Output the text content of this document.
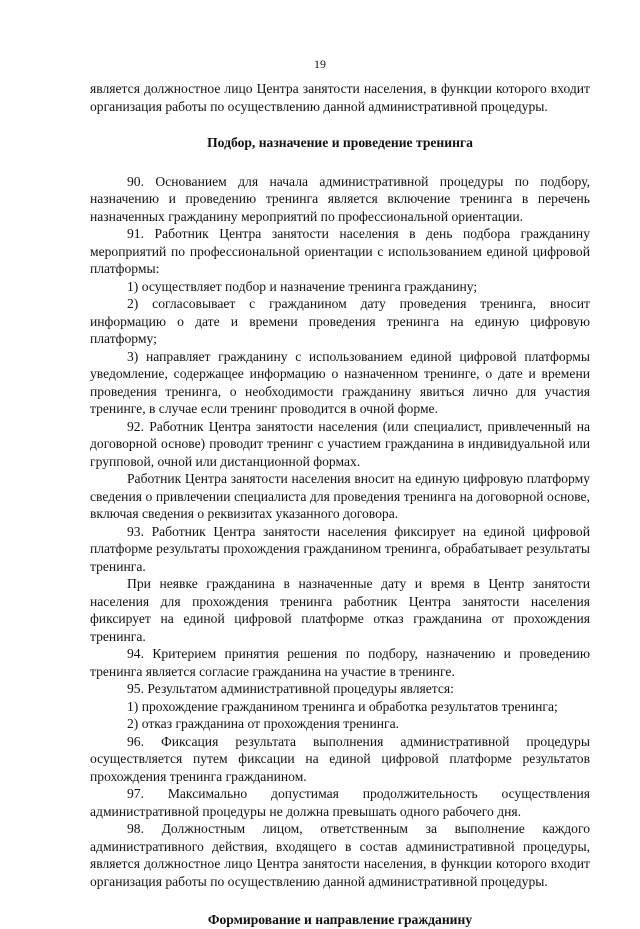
19

является должностное лицо Центра занятости населения, в функции которого входит организация работы по осуществлению данной административной процедуры.

Подбор, назначение и проведение тренинга

90. Основанием для начала административной процедуры по подбору, назначению и проведению тренинга является включение тренинга в перечень назначенных гражданину мероприятий по профессиональной ориентации.

91. Работник Центра занятости населения в день подбора гражданину мероприятий по профессиональной ориентации с использованием единой цифровой платформы:

1) осуществляет подбор и назначение тренинга гражданину;

2) согласовывает с гражданином дату проведения тренинга, вносит информацию о дате и времени проведения тренинга на единую цифровую платформу;

3) направляет гражданину с использованием единой цифровой платформы уведомление, содержащее информацию о назначенном тренинге, о дате и времени проведения тренинга, о необходимости гражданину явиться лично для участия тренинге, в случае если тренинг проводится в очной форме.

92. Работник Центра занятости населения (или специалист, привлеченный на договорной основе) проводит тренинг с участием гражданина в индивидуальной или групповой, очной или дистанционной формах.

Работник Центра занятости населения вносит на единую цифровую платформу сведения о привлечении специалиста для проведения тренинга на договорной основе, включая сведения о реквизитах указанного договора.

93. Работник Центра занятости населения фиксирует на единой цифровой платформе результаты прохождения гражданином тренинга, обрабатывает результаты тренинга.

При неявке гражданина в назначенные дату и время в Центр занятости населения для прохождения тренинга работник Центра занятости населения фиксирует на единой цифровой платформе отказ гражданина от прохождения тренинга.

94. Критерием принятия решения по подбору, назначению и проведению тренинга является согласие гражданина на участие в тренинге.

95. Результатом административной процедуры является:

1) прохождение гражданином тренинга и обработка результатов тренинга;

2) отказ гражданина от прохождения тренинга.

96. Фиксация результата выполнения административной процедуры осуществляется путем фиксации на единой цифровой платформе результатов прохождения тренинга гражданином.

97. Максимально допустимая продолжительность осуществления административной процедуры не должна превышать одного рабочего дня.

98. Должностным лицом, ответственным за выполнение каждого административного действия, входящего в состав административной процедуры, является должностное лицо Центра занятости населения, в функции которого входит организация работы по осуществлению данной административной процедуры.

Формирование и направление гражданину
